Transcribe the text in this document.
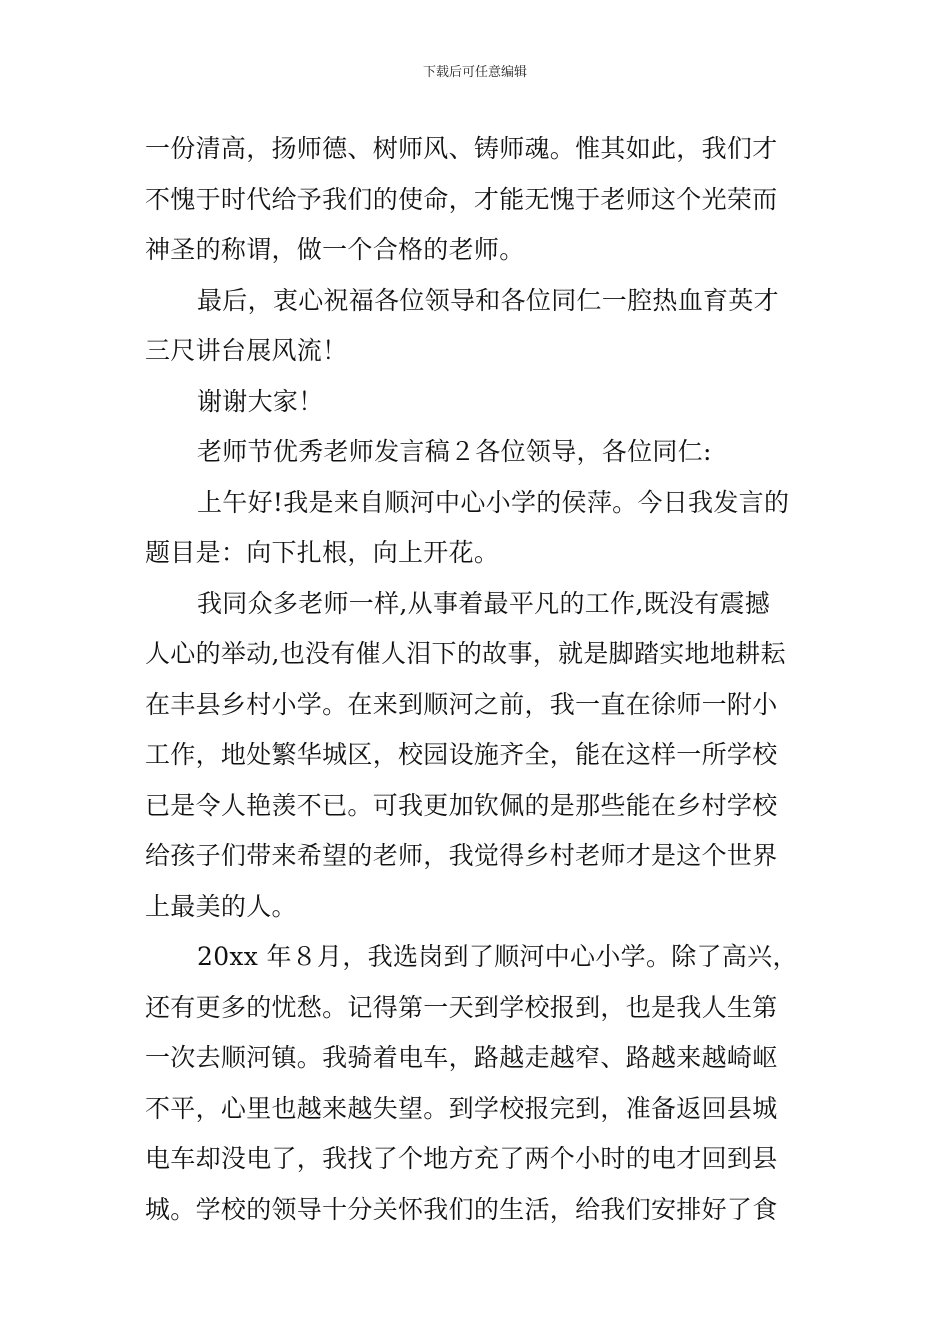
下载后可任意编辑
一份清高，扬师德、树师风、铸师魂。惟其如此，我们才
不愧于时代给予我们的使命，才能无愧于老师这个光荣而
神圣的称谓，做一个合格的老师。
最后，衷心祝福各位领导和各位同仁一腔热血育英才
三尺讲台展风流！
谢谢大家！
老师节优秀老师发言稿２各位领导，各位同仁:
上午好!我是来自顺河中心小学的侯萍。今日我发言的
题目是：向下扎根，向上开花。
我同众多老师一样,从事着最平凡的工作,既没有震撼
人心的举动,也没有催人泪下的故事，就是脚踏实地地耕耘
在丰县乡村小学。在来到顺河之前，我一直在徐师一附小
工作，地处繁华城区，校园设施齐全，能在这样一所学校
已是令人艳羡不已。可我更加钦佩的是那些能在乡村学校
给孩子们带来希望的老师，我觉得乡村老师才是这个世界
上最美的人。
20xx 年８月，我选岗到了顺河中心小学。除了高兴，
还有更多的忧愁。记得第一天到学校报到，也是我人生第
一次去顺河镇。我骑着电车，路越走越窄、路越来越崎岖
不平，心里也越来越失望。到学校报完到，准备返回县城
电车却没电了，我找了个地方充了两个小时的电才回到县
城。学校的领导十分关怀我们的生活，给我们安排好了食
